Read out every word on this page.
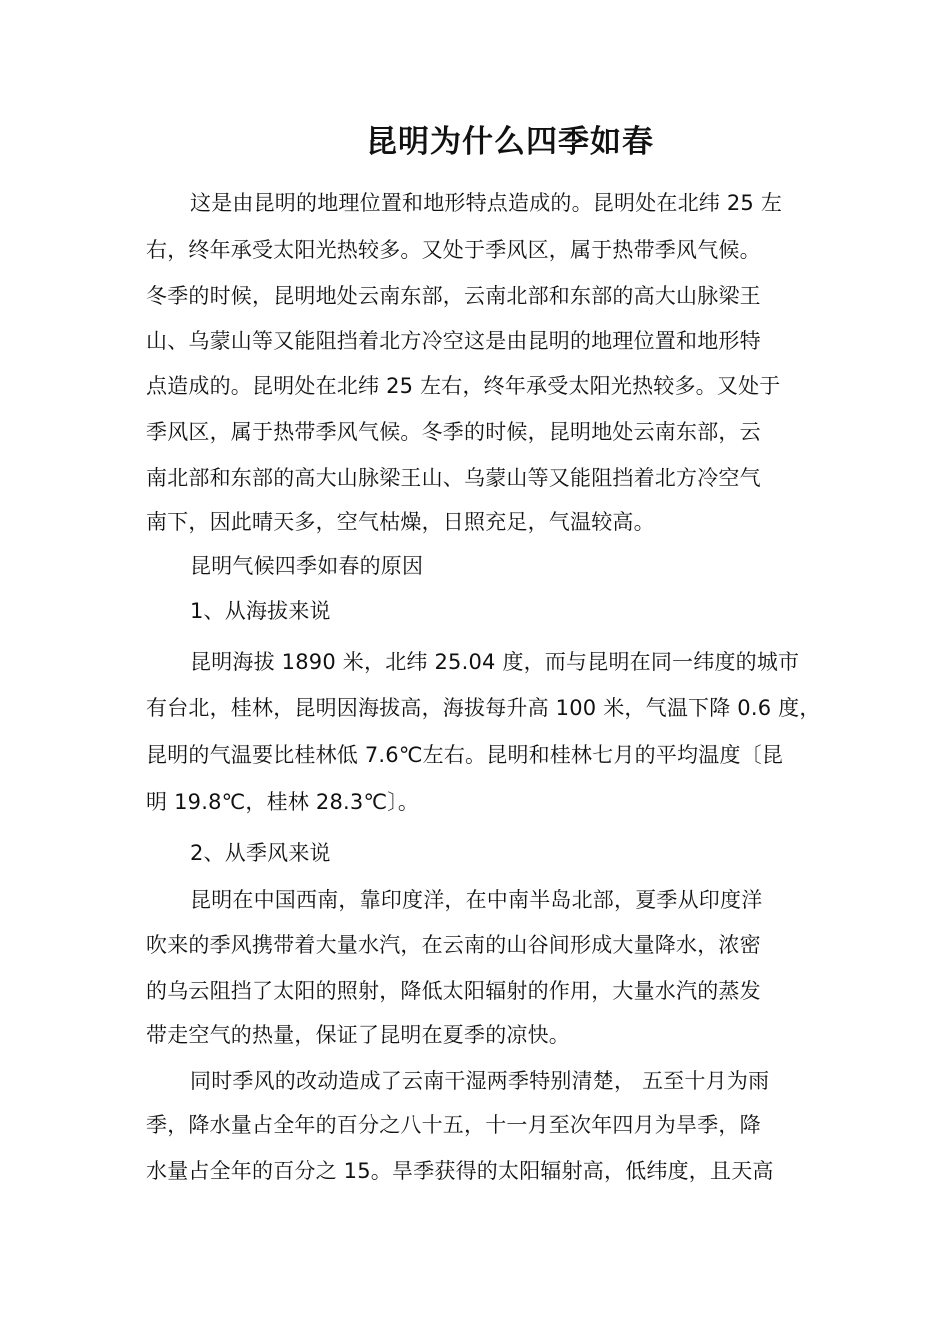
昆明为什么四季如春
这是由昆明的地理位置和地形特点造成的。昆明处在北纬 25 左
右，终年承受太阳光热较多。又处于季风区，属于热带季风气候。
冬季的时候，昆明地处云南东部，云南北部和东部的高大山脉梁王
山、乌蒙山等又能阻挡着北方冷空这是由昆明的地理位置和地形特
点造成的。昆明处在北纬 25 左右，终年承受太阳光热较多。又处于
季风区，属于热带季风气候。冬季的时候，昆明地处云南东部，云
南北部和东部的高大山脉梁王山、乌蒙山等又能阻挡着北方冷空气
南下，因此晴天多，空气枯燥，日照充足，气温较高。
昆明气候四季如春的原因
1、从海拔来说
昆明海拔 1890 米，北纬 25.04 度，而与昆明在同一纬度的城市
有台北，桂林，昆明因海拔高，海拔每升高 100 米，气温下降 0.6 度，
昆明的气温要比桂林低 7.6℃左右。昆明和桂林七月的平均温度〔昆
明 19.8℃，桂林 28.3℃〕。
2、从季风来说
昆明在中国西南，靠印度洋，在中南半岛北部，夏季从印度洋
吹来的季风携带着大量水汽，在云南的山谷间形成大量降水，浓密
的乌云阻挡了太阳的照射，降低太阳辐射的作用，大量水汽的蒸发
带走空气的热量，保证了昆明在夏季的凉快。
同时季风的改动造成了云南干湿两季特别清楚， 五至十月为雨
季，降水量占全年的百分之八十五，十一月至次年四月为旱季，降
水量占全年的百分之 15。旱季获得的太阳辐射高，低纬度，且天高
